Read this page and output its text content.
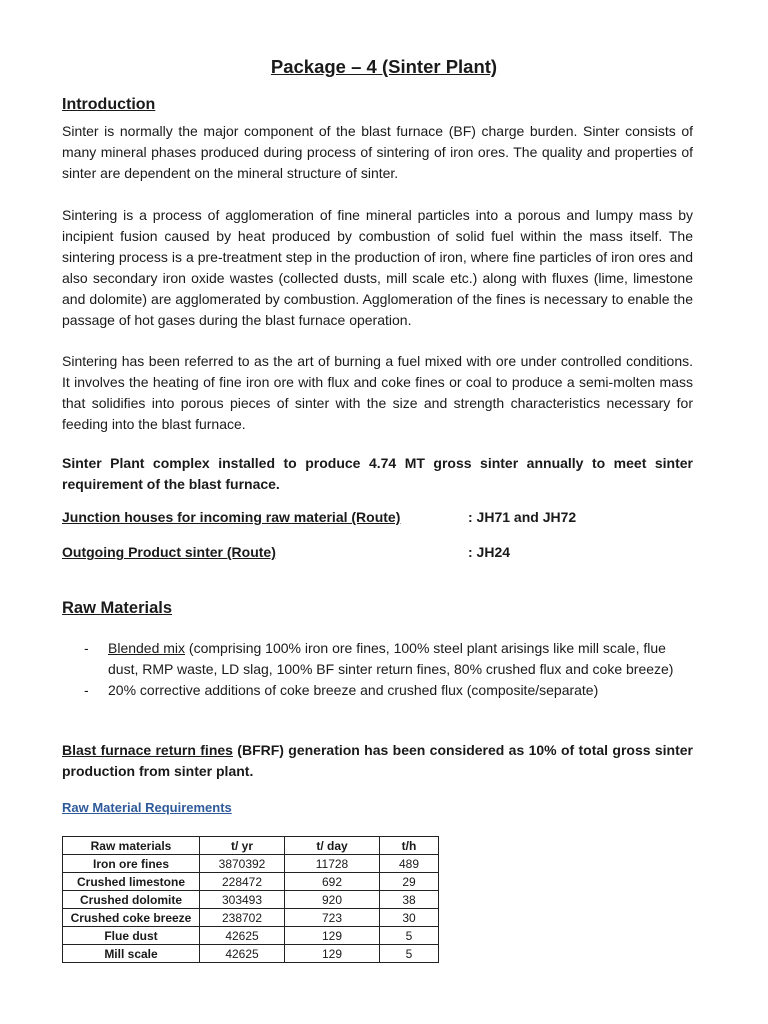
Package – 4 (Sinter Plant)
Introduction

Sinter is normally the major component of the blast furnace (BF) charge burden. Sinter consists of many mineral phases produced during process of sintering of iron ores. The quality and properties of sinter are dependent on the mineral structure of sinter.

Sintering is a process of agglomeration of fine mineral particles into a porous and lumpy mass by incipient fusion caused by heat produced by combustion of solid fuel within the mass itself. The sintering process is a pre-treatment step in the production of iron, where fine particles of iron ores and also secondary iron oxide wastes (collected dusts, mill scale etc.) along with fluxes (lime, limestone and dolomite) are agglomerated by combustion. Agglomeration of the fines is necessary to enable the passage of hot gases during the blast furnace operation.

Sintering has been referred to as the art of burning a fuel mixed with ore under controlled conditions. It involves the heating of fine iron ore with flux and coke fines or coal to produce a semi-molten mass that solidifies into porous pieces of sinter with the size and strength characteristics necessary for feeding into the blast furnace.

Sinter Plant complex installed to produce 4.74 MT gross sinter annually to meet sinter requirement of the blast furnace.

Junction houses for incoming raw material (Route)	: JH71 and JH72
Outgoing Product sinter (Route)	: JH24
Raw Materials
- Blended mix (comprising 100% iron ore fines, 100% steel plant arisings like mill scale, flue dust, RMP waste, LD slag, 100% BF sinter return fines, 80% crushed flux and coke breeze)
- 20% corrective additions of coke breeze and crushed flux (composite/separate)

Blast furnace return fines (BFRF) generation has been considered as 10% of total gross sinter production from sinter plant.

Raw Material Requirements
Raw materials	t/ yr	t/ day	t/h
Iron ore fines	3870392	11728	489
Crushed limestone	228472	692	29
Crushed dolomite	303493	920	38
Crushed coke breeze	238702	723	30
Flue dust	42625	129	5
Mill scale	42625	129	5
